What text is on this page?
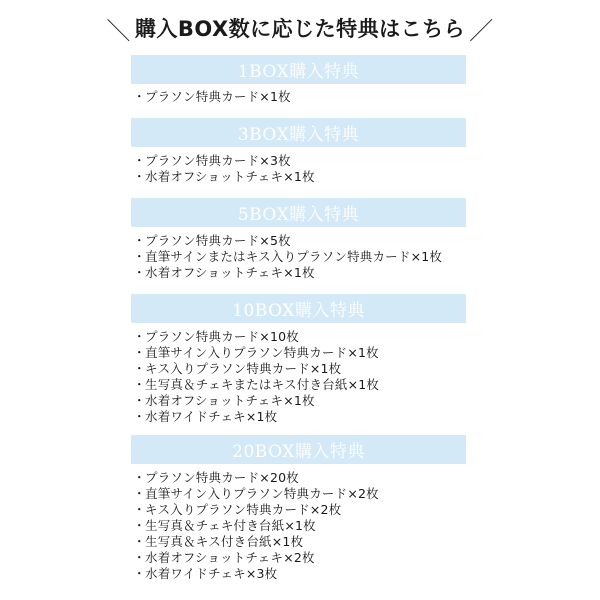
＼ 購入BOX数に応じた特典はこちら ／
1BOX購入特典
・プラソン特典カード×1枚
3BOX購入特典
・プラソン特典カード×3枚
・水着オフショットチェキ×1枚
5BOX購入特典
・プラソン特典カード×5枚
・直筆サインまたはキス入りプラソン特典カード×1枚
・水着オフショットチェキ×1枚
10BOX購入特典
・プラソン特典カード×10枚
・直筆サイン入りプラソン特典カード×1枚
・キス入りプラソン特典カード×1枚
・生写真＆チェキまたはキス付き台紙×1枚
・水着オフショットチェキ×1枚
・水着ワイドチェキ×1枚
20BOX購入特典
・プラソン特典カード×20枚
・直筆サイン入りプラソン特典カード×2枚
・キス入りプラソン特典カード×2枚
・生写真＆チェキ付き台紙×1枚
・生写真＆キス付き台紙×1枚
・水着オフショットチェキ×2枚
・水着ワイドチェキ×3枚
